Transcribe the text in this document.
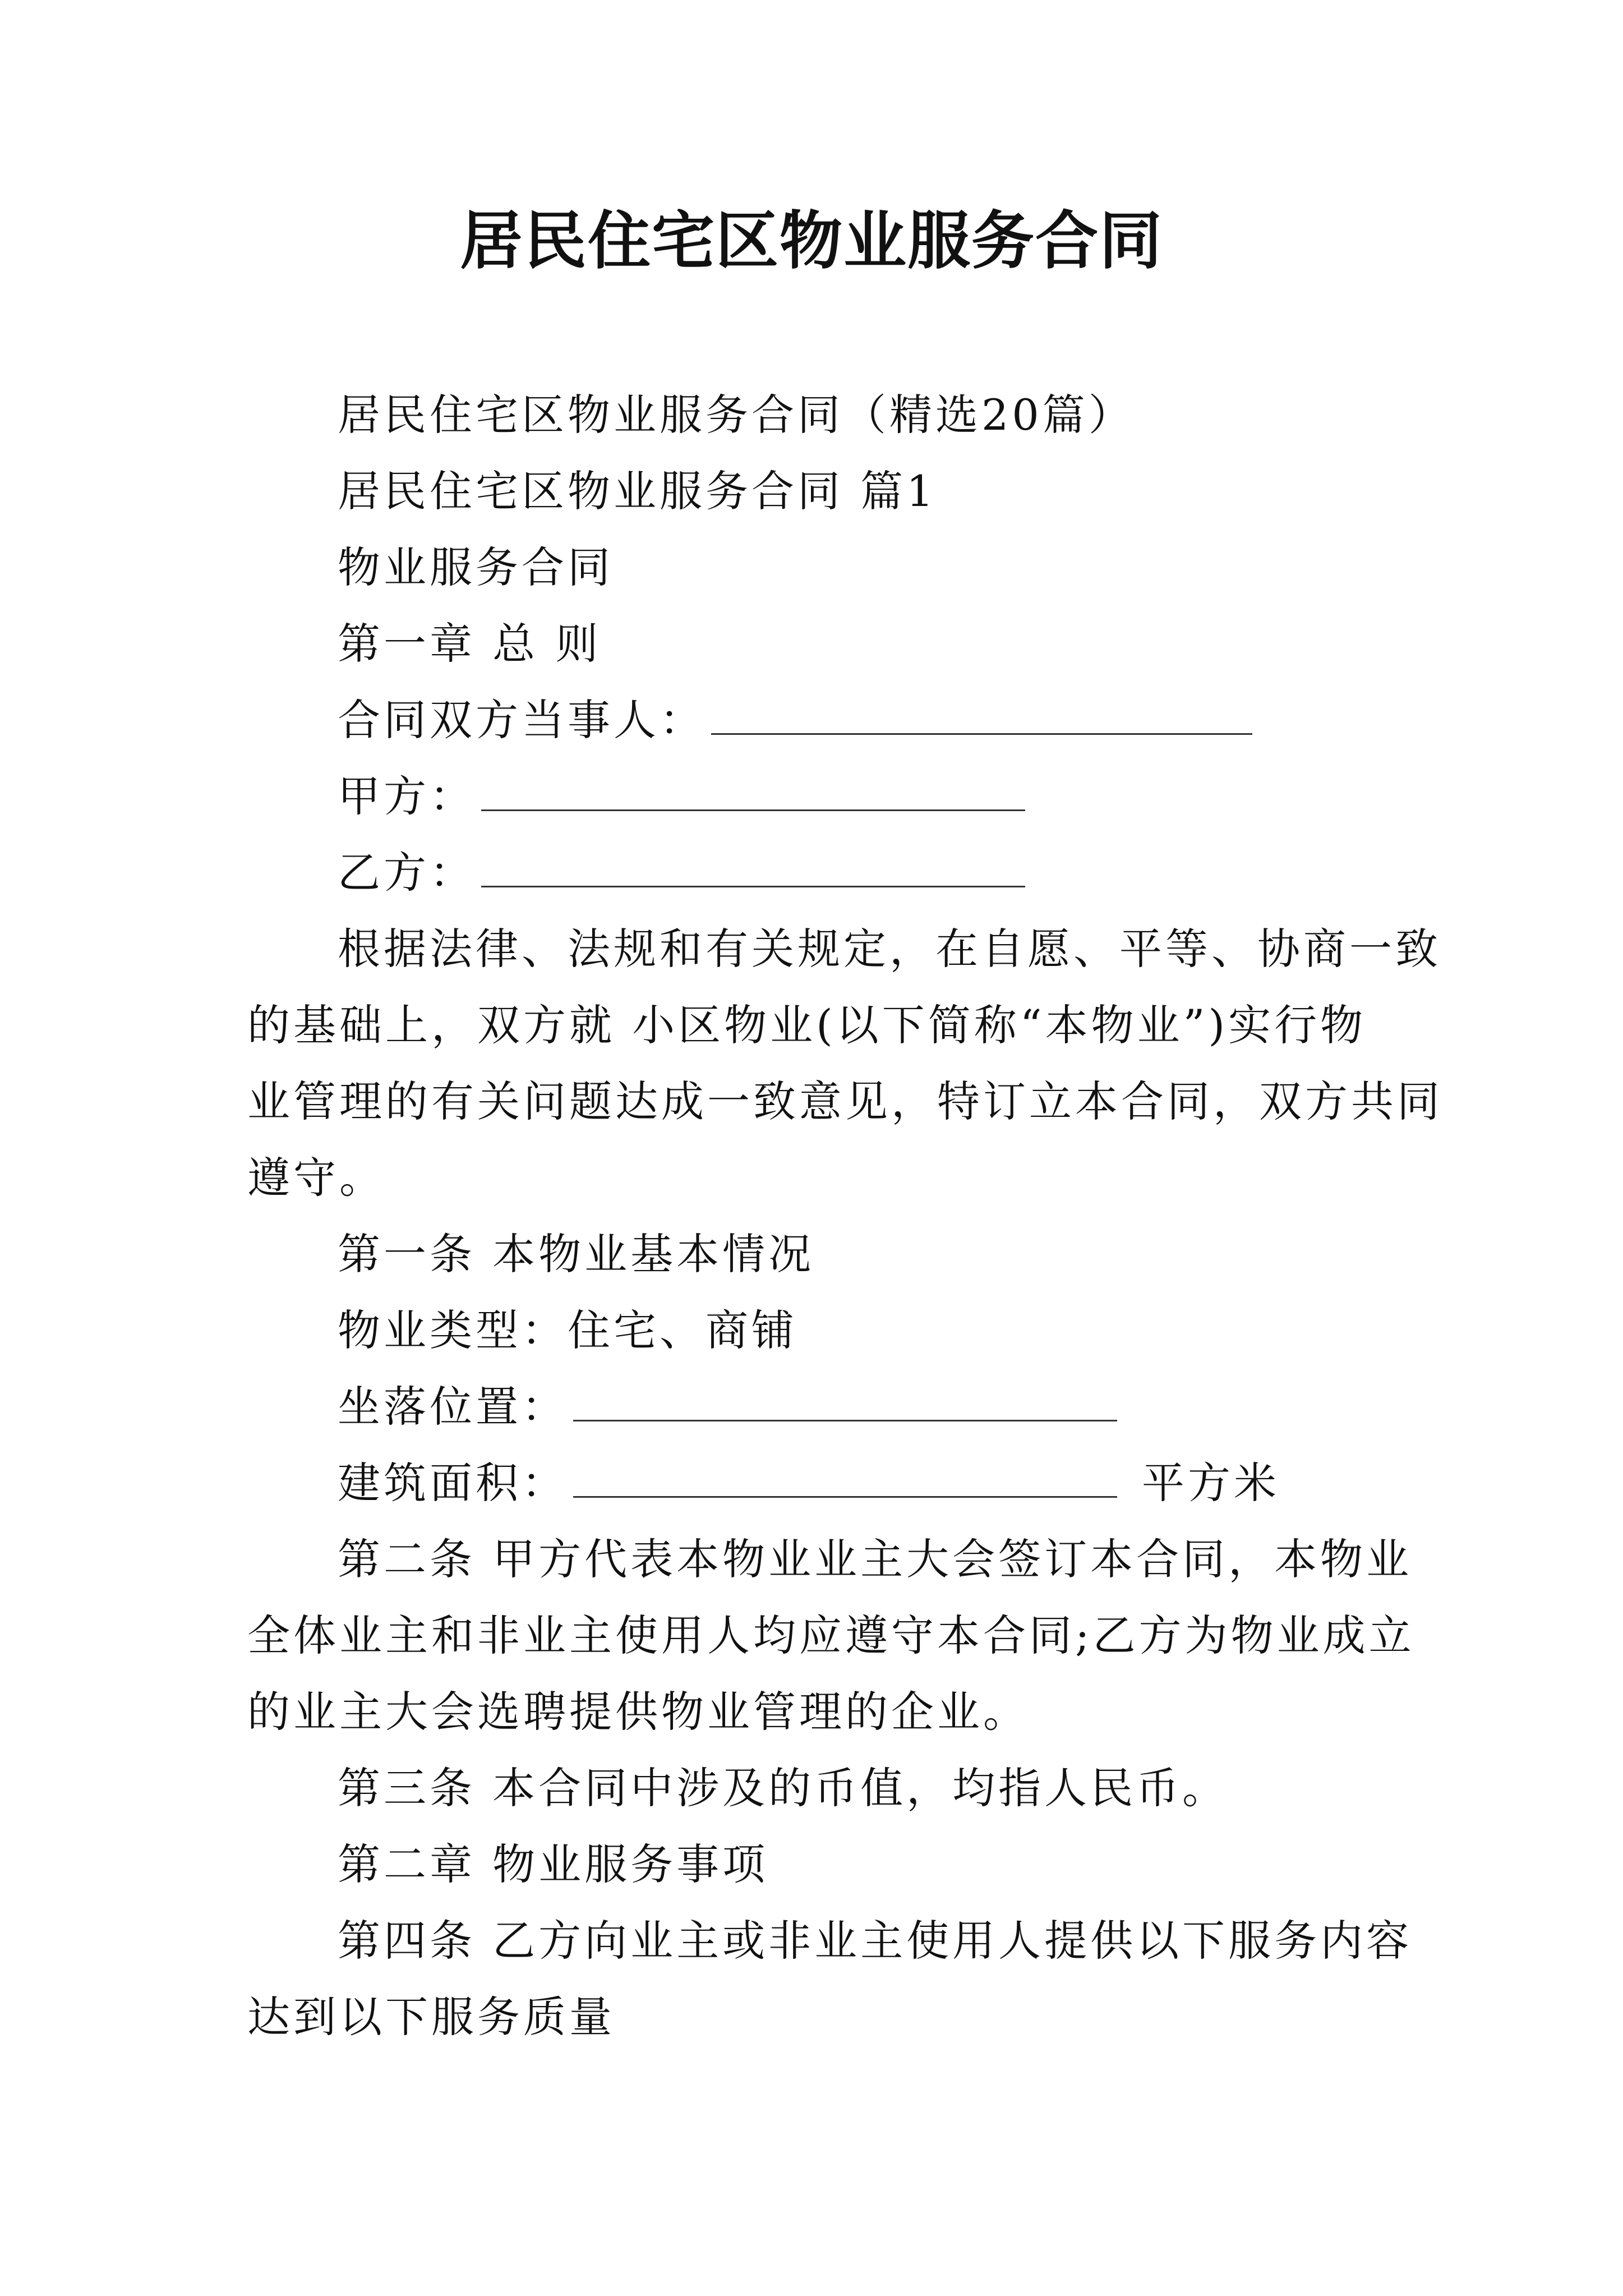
居民住宅区物业服务合同
居民住宅区物业服务合同（精选20篇）
居民住宅区物业服务合同 篇1
物业服务合同
第一章 总 则
合同双方当事人：
甲方：
乙方：
根据法律、法规和有关规定，在自愿、平等、协商一致
的基础上，双方就 小区物业(以下简称“本物业”)实行物
业管理的有关问题达成一致意见，特订立本合同，双方共同
遵守。
第一条 本物业基本情况
物业类型：住宅、商铺
坐落位置：
建筑面积：	平方米
第二条 甲方代表本物业业主大会签订本合同，本物业
全体业主和非业主使用人均应遵守本合同;乙方为物业成立
的业主大会选聘提供物业管理的企业。
第三条 本合同中涉及的币值，均指人民币。
第二章 物业服务事项
第四条 乙方向业主或非业主使用人提供以下服务内容
达到以下服务质量
